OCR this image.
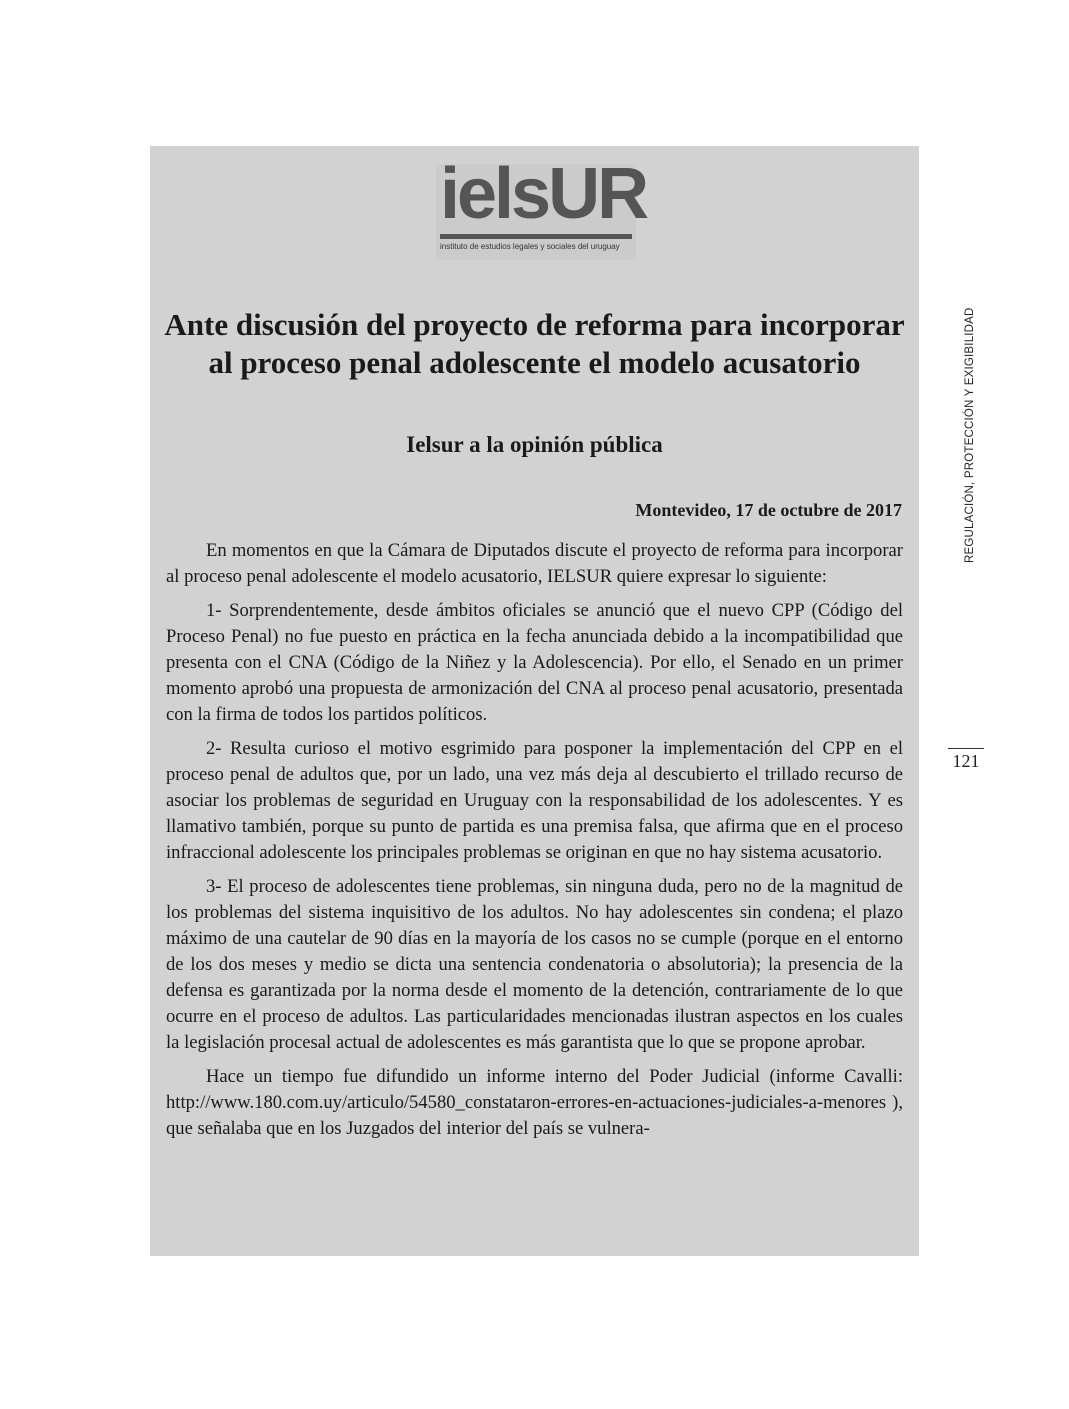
ielsUR
instituto de estudios legales y sociales del uruguay
Ante discusión del proyecto de reforma para incorporar al proceso penal adolescente el modelo acusatorio
Ielsur a la opinión pública

Montevideo, 17 de octubre de 2017

En momentos en que la Cámara de Diputados discute el proyecto de reforma para incorporar al proceso penal adolescente el modelo acusatorio, IELSUR quiere expresar lo siguiente:

1- Sorprendentemente, desde ámbitos oficiales se anunció que el nuevo CPP (Código del Proceso Penal) no fue puesto en práctica en la fecha anunciada debido a la incompatibilidad que presenta con el CNA (Código de la Niñez y la Adolescencia). Por ello, el Senado en un primer momento aprobó una propuesta de armonización del CNA al proceso penal acusatorio, presentada con la firma de todos los partidos políticos.

2- Resulta curioso el motivo esgrimido para posponer la implementación del CPP en el proceso penal de adultos que, por un lado, una vez más deja al descubierto el trillado recurso de asociar los problemas de seguridad en Uruguay con la responsabilidad de los adolescentes. Y es llamativo también, porque su punto de partida es una premisa falsa, que afirma que en el proceso infraccional adolescente los principales problemas se originan en que no hay sistema acusatorio.

3- El proceso de adolescentes tiene problemas, sin ninguna duda, pero no de la magnitud de los problemas del sistema inquisitivo de los adultos. No hay adolescentes sin condena; el plazo máximo de una cautelar de 90 días en la mayoría de los casos no se cumple (porque en el entorno de los dos meses y medio se dicta una sentencia condenatoria o absolutoria); la presencia de la defensa es garantizada por la norma desde el momento de la detención, contrariamente de lo que ocurre en el proceso de adultos. Las particularidades mencionadas ilustran aspectos en los cuales la legislación procesal actual de adolescentes es más garantista que lo que se propone aprobar.

Hace un tiempo fue difundido un informe interno del Poder Judicial (informe Cavalli: http://www.180.com.uy/articulo/54580_constataron-errores-en-actuaciones-judiciales-a-menores ), que señalaba que en los Juzgados del interior del país se vulnera-

REGULACIÓN, PROTECCIÓN Y EXIGIBILIDAD
121
